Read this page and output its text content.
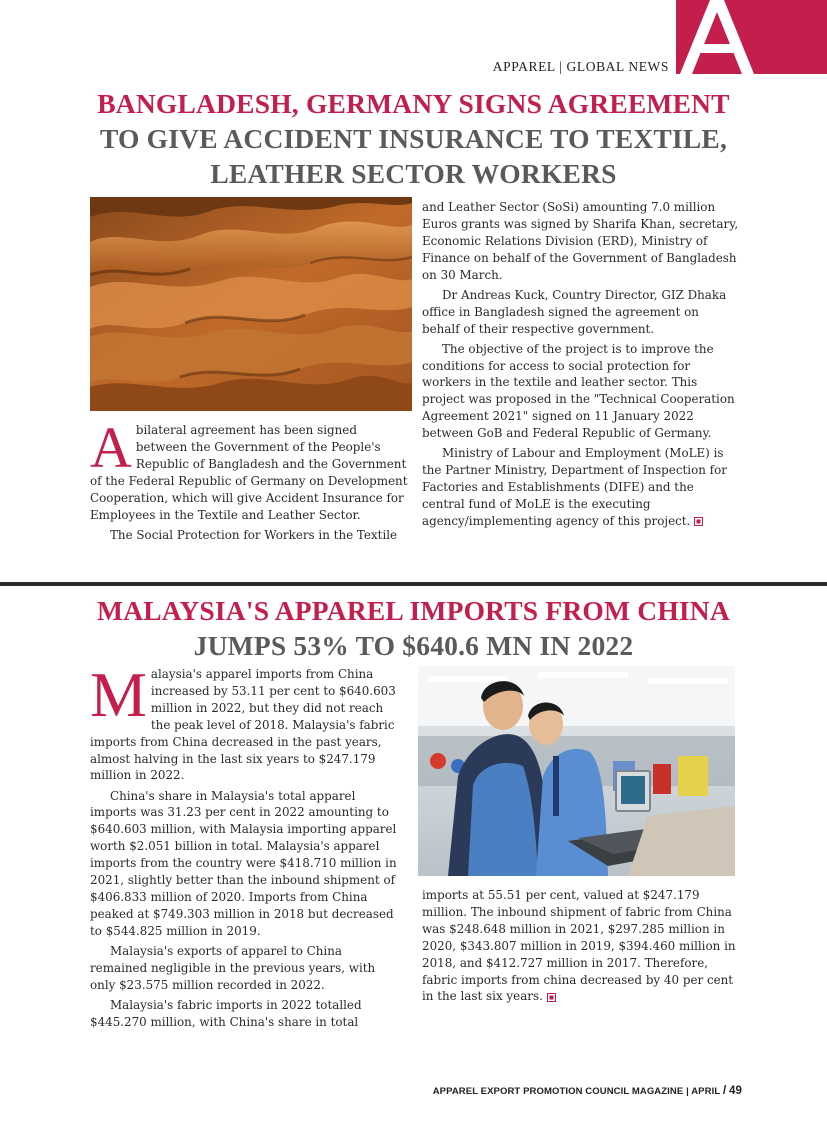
APPAREL | GLOBAL NEWS
BANGLADESH, GERMANY SIGNS AGREEMENT
TO GIVE ACCIDENT INSURANCE TO TEXTILE,
LEATHER SECTOR WORKERS

A bilateral agreement has been signed between the Government of the People's Republic of Bangladesh and the Government of the Federal Republic of Germany on Development Cooperation, which will give Accident Insurance for Employees in the Textile and Leather Sector.

The Social Protection for Workers in the Textile

and Leather Sector (SoSi) amounting 7.0 million Euros grants was signed by Sharifa Khan, secretary, Economic Relations Division (ERD), Ministry of Finance on behalf of the Government of Bangladesh on 30 March.

Dr Andreas Kuck, Country Director, GIZ Dhaka office in Bangladesh signed the agreement on behalf of their respective government.

The objective of the project is to improve the conditions for access to social protection for workers in the textile and leather sector. This project was proposed in the "Technical Cooperation Agreement 2021" signed on 11 January 2022 between GoB and Federal Republic of Germany.

Ministry of Labour and Employment (MoLE) is the Partner Ministry, Department of Inspection for Factories and Establishments (DIFE) and the central fund of MoLE is the executing agency/implementing agency of this project.

MALAYSIA'S APPAREL IMPORTS FROM CHINA
JUMPS 53% TO $640.6 MN IN 2022

M alaysia's apparel imports from China increased by 53.11 per cent to $640.603 million in 2022, but they did not reach the peak level of 2018. Malaysia's fabric imports from China decreased in the past years, almost halving in the last six years to $247.179 million in 2022.

China's share in Malaysia's total apparel imports was 31.23 per cent in 2022 amounting to $640.603 million, with Malaysia importing apparel worth $2.051 billion in total. Malaysia's apparel imports from the country were $418.710 million in 2021, slightly better than the inbound shipment of $406.833 million of 2020. Imports from China peaked at $749.303 million in 2018 but decreased to $544.825 million in 2019.

Malaysia's exports of apparel to China remained negligible in the previous years, with only $23.575 million recorded in 2022.

Malaysia's fabric imports in 2022 totalled $445.270 million, with China's share in total

imports at 55.51 per cent, valued at $247.179 million. The inbound shipment of fabric from China was $248.648 million in 2021, $297.285 million in 2020, $343.807 million in 2019, $394.460 million in 2018, and $412.727 million in 2017. Therefore, fabric imports from china decreased by 40 per cent in the last six years.

APPAREL EXPORT PROMOTION COUNCIL MAGAZINE | APRIL / 49
